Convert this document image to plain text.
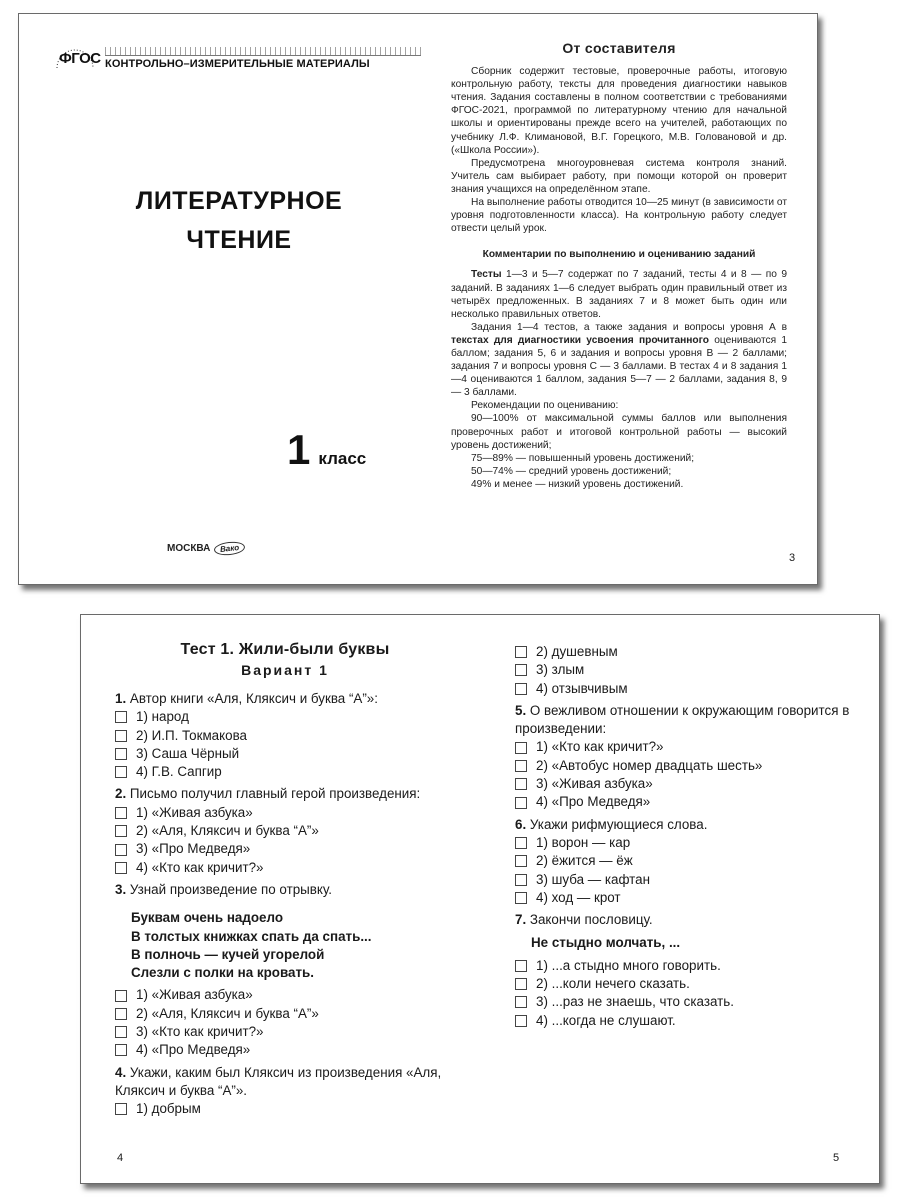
ФГОС КОНТРОЛЬНО–ИЗМЕРИТЕЛЬНЫЕ МАТЕРИАЛЫ
ЛИТЕРАТУРНОЕ
ЧТЕНИЕ
1 класс
МОСКВА Вако
От составителя

Сборник содержит тестовые, проверочные работы, итоговую контрольную работу, тексты для проведения диагностики навыков чтения. Задания составлены в полном соответствии с требованиями ФГОС-2021, программой по литературному чтению для начальной школы и ориентированы прежде всего на учителей, работающих по учебнику Л.Ф. Климановой, В.Г. Горецкого, М.В. Головановой и др. («Школа России»).

Предусмотрена многоуровневая система контроля знаний. Учитель сам выбирает работу, при помощи которой он проверит знания учащихся на определённом этапе.

На выполнение работы отводится 10—25 минут (в зависимости от уровня подготовленности класса). На контрольную работу следует отвести целый урок.

Комментарии по выполнению и оцениванию заданий

Тесты 1—3 и 5—7 содержат по 7 заданий, тесты 4 и 8 — по 9 заданий. В заданиях 1—6 следует выбрать один правильный ответ из четырёх предложенных. В заданиях 7 и 8 может быть один или несколько правильных ответов.

Задания 1—4 тестов, а также задания и вопросы уровня А в текстах для диагностики усвоения прочитанного оцениваются 1 баллом; задания 5, 6 и задания и вопросы уровня В — 2 баллами; задания 7 и вопросы уровня С — 3 баллами. В тестах 4 и 8 задания 1—4 оцениваются 1 баллом, задания 5—7 — 2 баллами, задания 8, 9 — 3 баллами.

Рекомендации по оцениванию:

90—100% от максимальной суммы баллов или выполнения проверочных работ и итоговой контрольной работы — высокий уровень достижений;

75—89% — повышенный уровень достижений;

50—74% — средний уровень достижений;

49% и менее — низкий уровень достижений.

3
Тест 1. Жили-были буквы
Вариант 1
1. Автор книги «Аля, Кляксич и буква “А”»:
1) народ
2) И.П. Токмакова
3) Саша Чёрный
4) Г.В. Сапгир
2. Письмо получил главный герой произведения:
1) «Живая азбука»
2) «Аля, Кляксич и буква “А”»
3) «Про Медведя»
4) «Кто как кричит?»
3. Узнай произведение по отрывку.
Буквам очень надоело
В толстых книжках спать да спать...
В полночь — кучей угорелой
Слезли с полки на кровать.
1) «Живая азбука»
2) «Аля, Кляксич и буква “А”»
3) «Кто как кричит?»
4) «Про Медведя»
4. Укажи, каким был Кляксич из произведения «Аля, Кляксич и буква “А”».
1) добрым
2) душевным
3) злым
4) отзывчивым
5. О вежливом отношении к окружающим говорится в произведении:
1) «Кто как кричит?»
2) «Автобус номер двадцать шесть»
3) «Живая азбука»
4) «Про Медведя»
6. Укажи рифмующиеся слова.
1) ворон — кар
2) ёжится — ёж
3) шуба — кафтан
4) ход — крот
7. Закончи пословицу.
Не стыдно молчать, ...
1) ...а стыдно много говорить.
2) ...коли нечего сказать.
3) ...раз не знаешь, что сказать.
4) ...когда не слушают.
4	5
